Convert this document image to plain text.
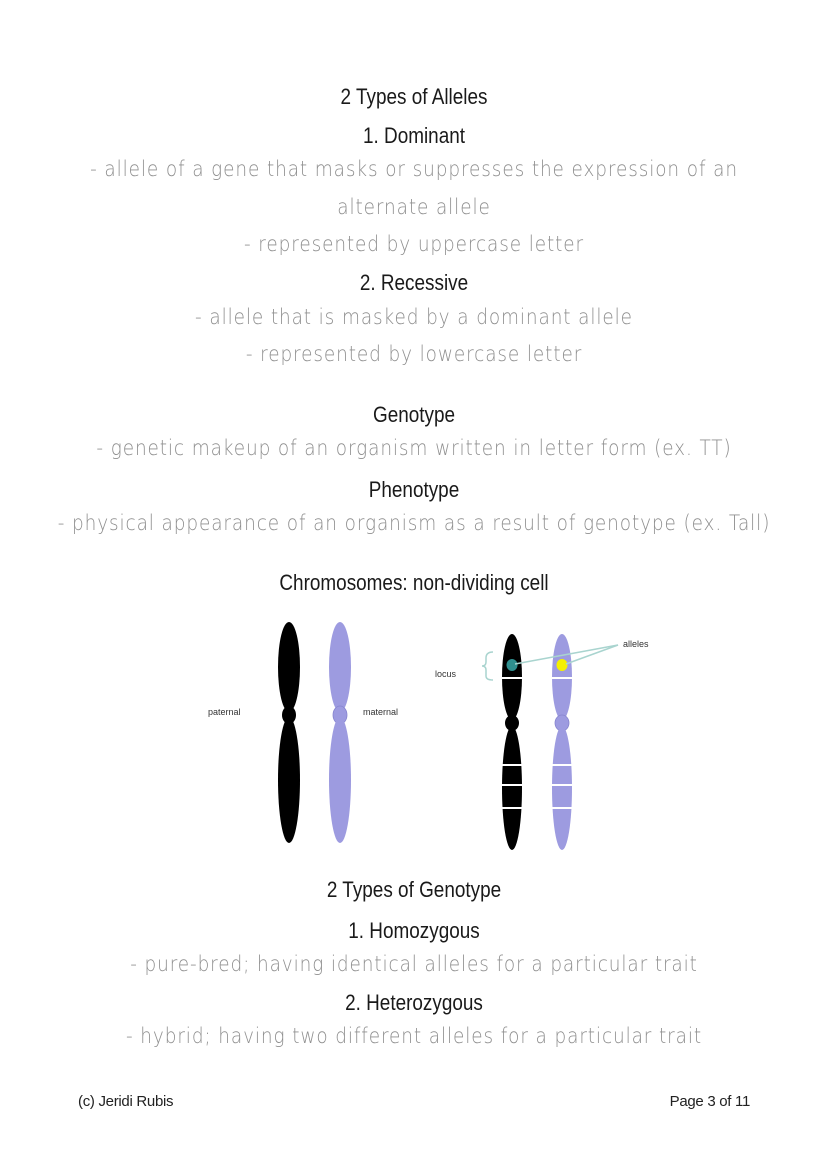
2 Types of Alleles
1. Dominant
- allele of a gene that masks or suppresses the expression of an
alternate allele
- represented by uppercase letter
2. Recessive
- allele that is masked by a dominant allele
- represented by lowercase letter
Genotype
- genetic makeup of an organism written in letter form (ex. TT)
Phenotype
- physical appearance of an organism as a result of genotype (ex. Tall)
Chromosomes: non-dividing cell
paternal	maternal
locus
alleles
2 Types of Genotype
1. Homozygous
- pure-bred; having identical alleles for a particular trait
2. Heterozygous
- hybrid; having two different alleles for a particular trait
(c) Jeridi Rubis	Page 3 of 11
